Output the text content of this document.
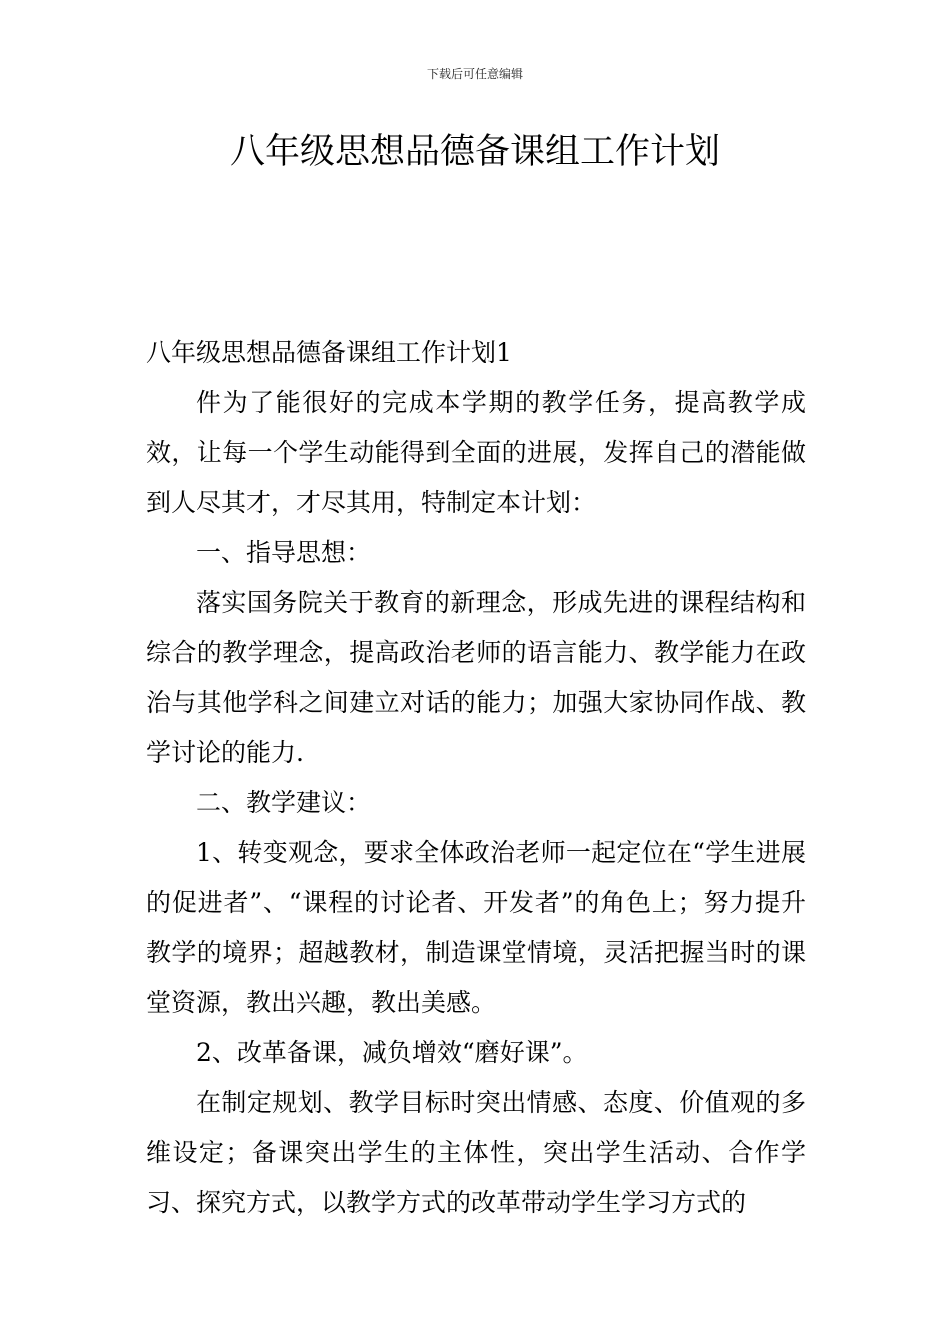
下载后可任意编辑
八年级思想品德备课组工作计划

八年级思想品德备课组工作计划1

件为了能很好的完成本学期的教学任务，提高教学成效，让每一个学生动能得到全面的进展，发挥自己的潜能做到人尽其才，才尽其用，特制定本计划：

一、指导思想：

落实国务院关于教育的新理念，形成先进的课程结构和综合的教学理念，提高政治老师的语言能力、教学能力在政治与其他学科之间建立对话的能力；加强大家协同作战、教学讨论的能力.

二、教学建议：

1、转变观念，要求全体政治老师一起定位在“学生进展的促进者”、“课程的讨论者、开发者”的角色上；努力提升教学的境界；超越教材，制造课堂情境，灵活把握当时的课堂资源，教出兴趣，教出美感。

2、改革备课，减负增效“磨好课”。

在制定规划、教学目标时突出情感、态度、价值观的多维设定；备课突出学生的主体性，突出学生活动、合作学习、探究方式，以教学方式的改革带动学生学习方式的
